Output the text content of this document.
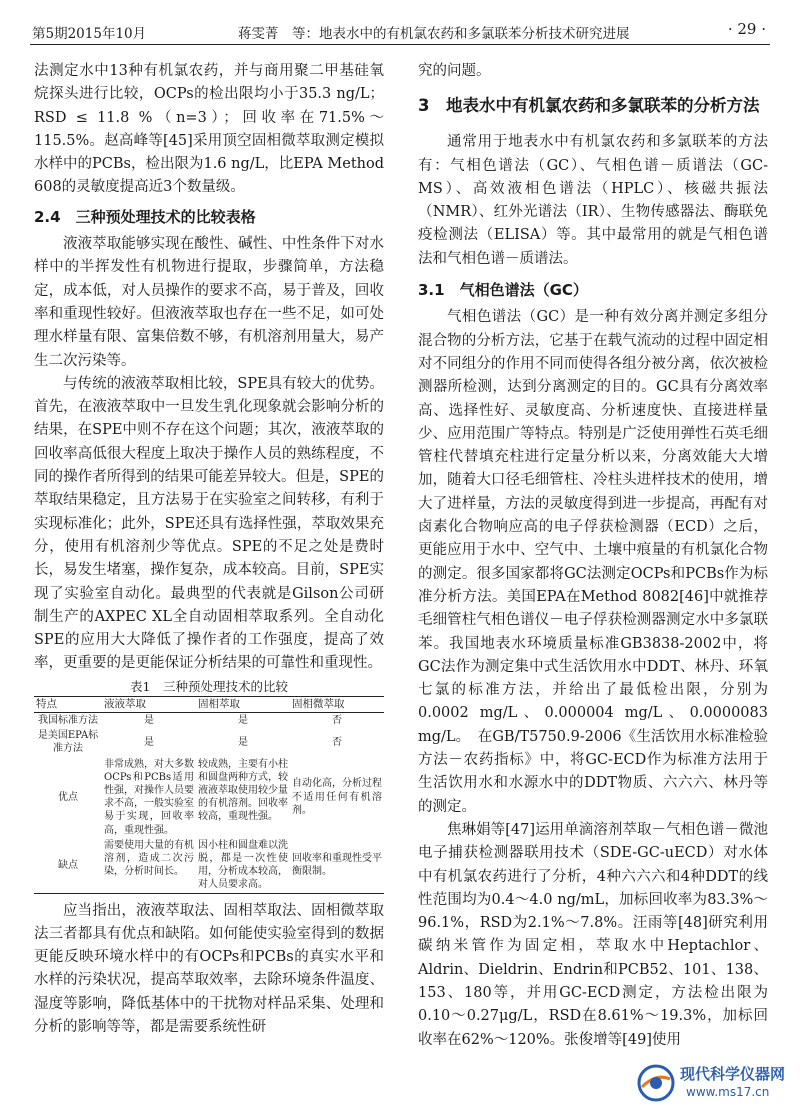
第5期2015年10月	蒋雯菁　等：地表水中的有机氯农药和多氯联苯分析技术研究进展	· 29 ·

法测定水中13种有机氯农药，并与商用聚二甲基硅氧烷探头进行比较，OCPs的检出限均小于35.3 ng/L；RSD ≤ 11.8 %（n=3）；回收率在71.5%～115.5%。赵高峰等[45]采用顶空固相微萃取测定模拟水样中的PCBs，检出限为1.6 ng/L，比EPA Method 608的灵敏度提高近3个数量级。

2.4　三种预处理技术的比较表格

液液萃取能够实现在酸性、碱性、中性条件下对水样中的半挥发性有机物进行提取，步骤简单，方法稳定，成本低，对人员操作的要求不高，易于普及，回收率和重现性较好。但液液萃取也存在一些不足，如可处理水样量有限、富集倍数不够，有机溶剂用量大，易产生二次污染等。

与传统的液液萃取相比较，SPE具有较大的优势。首先，在液液萃取中一旦发生乳化现象就会影响分析的结果，在SPE中则不存在这个问题；其次，液液萃取的回收率高低很大程度上取决于操作人员的熟练程度，不同的操作者所得到的结果可能差异较大。但是，SPE的萃取结果稳定，且方法易于在实验室之间转移，有利于实现标准化；此外，SPE还具有选择性强，萃取效果充分，使用有机溶剂少等优点。SPE的不足之处是费时长，易发生堵塞，操作复杂，成本较高。目前，SPE实现了实验室自动化。最典型的代表就是Gilson公司研制生产的AXPEC XL全自动固相萃取系列。全自动化SPE的应用大大降低了操作者的工作强度，提高了效率，更重要的是更能保证分析结果的可靠性和重现性。

表1　三种预处理技术的比较
特点	液液萃取	固相萃取	固相微萃取
我国标准方法	是	是	否
是美国EPA标准方法	是	是	否
优点	非常成熟，对大多数OCPs和PCBs适用性强，对操作人员要求不高，一般实验室易于实现，回收率高，重现性强。	较成熟，主要有小柱和圆盘两种方式，较液液萃取使用较少量的有机溶剂。回收率较高，重现性强。	自动化高，分析过程不适用任何有机溶剂。
缺点	需要使用大量的有机溶剂，造成二次污染，分析时间长。	因小柱和圆盘难以洗脱，都是一次性使用，分析成本较高，对人员要求高。	回收率和重现性受平衡限制。

应当指出，液液萃取法、固相萃取法、固相微萃取法三者都具有优点和缺陷。如何能使实验室得到的数据更能反映环境水样中的有OCPs和PCBs的真实水平和水样的污染状况，提高萃取效率，去除环境条件温度、湿度等影响，降低基体中的干扰物对样品采集、处理和分析的影响等等，都是需要系统性研

究的问题。

3　地表水中有机氯农药和多氯联苯的分析方法

通常用于地表水中有机氯农药和多氯联苯的方法有：气相色谱法（GC）、气相色谱－质谱法（GC-MS）、高效液相色谱法（HPLC）、核磁共振法（NMR）、红外光谱法（IR）、生物传感器法、酶联免疫检测法（ELISA）等。其中最常用的就是气相色谱法和气相色谱－质谱法。

3.1　气相色谱法（GC）

气相色谱法（GC）是一种有效分离并测定多组分混合物的分析方法，它基于在载气流动的过程中固定相对不同组分的作用不同而使得各组分被分离，依次被检测器所检测，达到分离测定的目的。GC具有分离效率高、选择性好、灵敏度高、分析速度快、直接进样量少、应用范围广等特点。特别是广泛使用弹性石英毛细管柱代替填充柱进行定量分析以来，分离效能大大增加，随着大口径毛细管柱、冷柱头进样技术的使用，增大了进样量，方法的灵敏度得到进一步提高，再配有对卤素化合物响应高的电子俘获检测器（ECD）之后，更能应用于水中、空气中、土壤中痕量的有机氯化合物的测定。很多国家都将GC法测定OCPs和PCBs作为标准分析方法。美国EPA在Method 8082[46]中就推荐毛细管柱气相色谱仪－电子俘获检测器测定水中多氯联苯。我国地表水环境质量标准GB3838-2002中，将GC法作为测定集中式生活饮用水中DDT、林丹、环氧七氯的标准方法，并给出了最低检出限，分别为0.0002 mg/L、0.000004 mg/L、0.0000083 mg/L。　在GB/T5750.9-2006《生活饮用水标准检验方法－农药指标》中，将GC-ECD作为标准方法用于生活饮用水和水源水中的DDT物质、六六六、林丹等的测定。

焦琳娟等[47]运用单滴溶剂萃取－气相色谱－微池电子捕获检测器联用技术（SDE-GC-uECD）对水体中有机氯农药进行了分析，4种六六六和4种DDT的线性范围均为0.4～4.0 ng/mL，加标回收率为83.3%～96.1%，RSD为2.1%～7.8%。汪雨等[48]研究利用碳纳米管作为固定相，萃取水中Heptachlor、Aldrin、Dieldrin、Endrin和PCB52、101、138、153、180等，并用GC-ECD测定，方法检出限为0.10～0.27μg/L，RSD在8.61%～19.3%，加标回收率在62%～120%。张俊增等[49]使用

现代科学仪器网
www.ms17.cn
